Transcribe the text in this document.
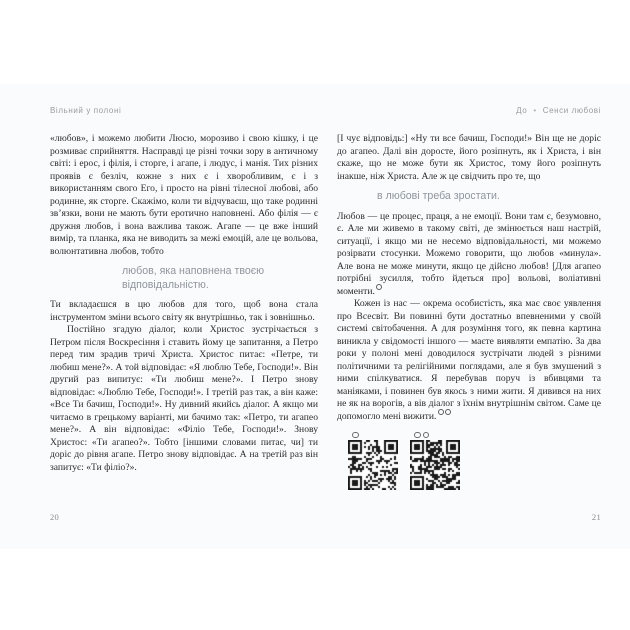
Вільний у полоні

«любов», і можемо любити Люсю, морозиво і свою кішку, і це розмиває сприйняття. Насправді це різні точки зору в античному світі: і ерос, і філія, і сторге, і агапе, і людус, і манія. Тих різних проявів є безліч, кожне з них є і хворобливим, є і з використанням свого Его, і просто на рівні тілесної любові, або родинне, як сторге. Скажімо, коли ти відчуваєш, що таке родинні зв’язки, вони не мають бути еротично наповнені. Або філія — є дружня любов, і вона важлива також. Агапе — це вже інший вимір, та планка, яка не виводить за межі емоцій, але це вольова, волюнтативна любов, тобто

любов, яка наповнена твоєю відповідальністю.

Ти вкладаєшся в цю любов для того, щоб вона стала інструментом зміни всього світу як внутрішньо, так і зовнішньо.

Постійно згадую діалог, коли Христос зустрічається з Петром після Воскресіння і ставить йому це запитання, а Петро перед тим зрадив тричі Христа. Христос питає: «Петре, ти любиш мене?». А той відповідає: «Я люблю Тебе, Господи!». Він другий раз випитує: «Ти любиш мене?». І Петро знову відповідає: «Люблю Тебе, Господи!». І третій раз так, а він каже: «Все Ти бачиш, Господи!». Ну дивний якийсь діалог. А якщо ми читаємо в грецькому варіанті, ми бачимо так: «Петро, ти агапео мене?». А він відповідає: «Філіо Тебе, Господи!». Знову Христос: «Ти агапео?». Тобто [іншими словами питає, чи] ти доріс до рівня агапе. Петро знову відповідає. А на третій раз він запитує: «Ти філіо?».

20
До • Сенси любові

[І чує відповідь:] «Ну ти все бачиш, Господи!» Він ще не доріс до агапео. Далі він дoросте, його розіпнуть, як і Христа, і він скаже, що не може бути як Христос, тому його розіпнуть інакше, ніж Христа. Але ж це свідчить про те, що

в любові треба зростати.

Любов — це процес, праця, а не емоції. Вони там є, безумовно, є. Але ми живемо в такому світі, де змінюється наш настрій, ситуації, і якщо ми не несемо відповідальності, ми можемо розірвати стосунки. Можемо говорити, що любов «минула». Але вона не може минути, якщо це дійсно любов! [Для агапео потрібні зусилля, тобто йдеться про] вольові, воліативні моменти.

Кожен із нас — окрема особистість, яка має своє уявлення про Всесвіт. Ви повинні бути достатньо впевненими у своїй системі світобачення. А для розуміння того, як певна картина виникла у свідомості іншого — маєте виявляти емпатію. За два роки у полоні мені доводилося зустрічати людей з різними політичними та релігійними поглядами, але я був змушений з ними спілкуватися. Я перебував поруч із вбивцями та маніяками, і повинен був якось з ними жити. Я дивився на них не як на ворогів, а вів діалог з їхнім внутрішнім світом. Саме це допомогло мені вижити.

21
